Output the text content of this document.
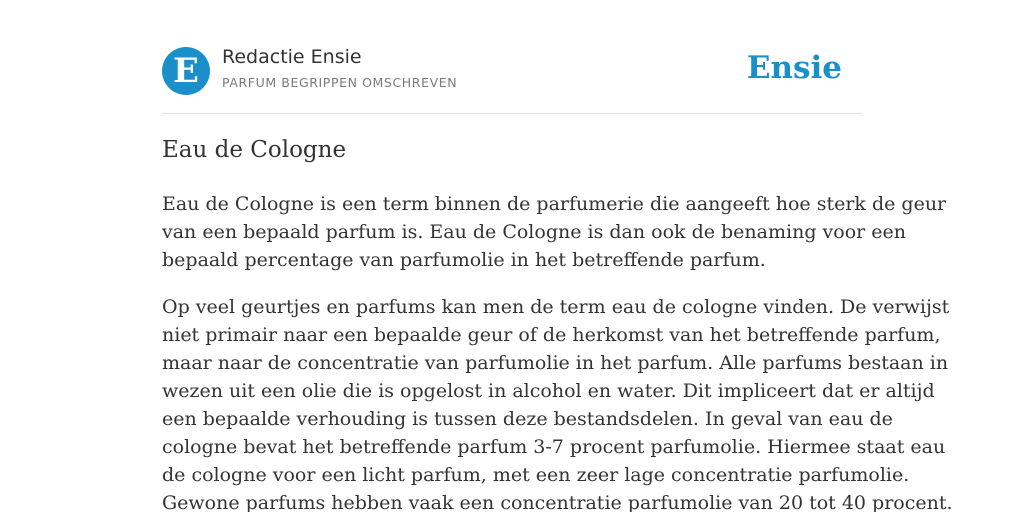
E	Redactie Ensie
PARFUM BEGRIPPEN OMSCHREVEN	Ensie
Eau de Cologne

Eau de Cologne is een term binnen de parfumerie die aangeeft hoe sterk de geur
van een bepaald parfum is. Eau de Cologne is dan ook de benaming voor een
bepaald percentage van parfumolie in het betreffende parfum.

Op veel geurtjes en parfums kan men de term eau de cologne vinden. De verwijst
niet primair naar een bepaalde geur of de herkomst van het betreffende parfum,
maar naar de concentratie van parfumolie in het parfum. Alle parfums bestaan in
wezen uit een olie die is opgelost in alcohol en water. Dit impliceert dat er altijd
een bepaalde verhouding is tussen deze bestandsdelen. In geval van eau de
cologne bevat het betreffende parfum 3-7 procent parfumolie. Hiermee staat eau
de cologne voor een licht parfum, met een zeer lage concentratie parfumolie.
Gewone parfums hebben vaak een concentratie parfumolie van 20 tot 40 procent.
